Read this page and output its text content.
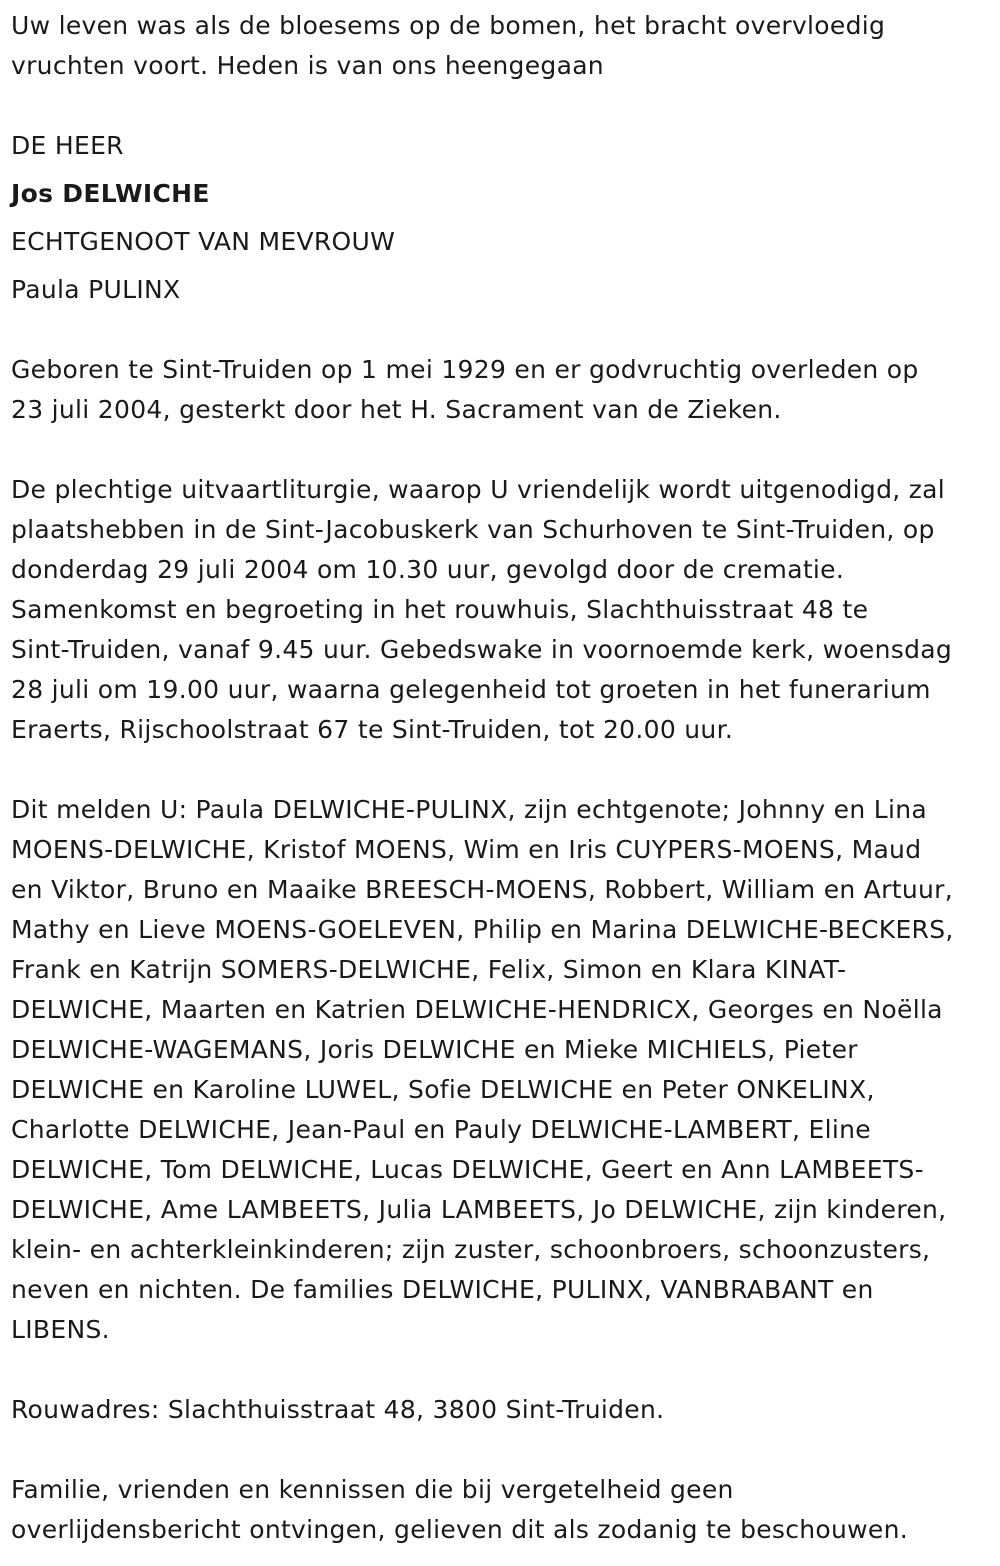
Uw leven was als de bloesems op de bomen, het bracht overvloedig
vruchten voort. Heden is van ons heengegaan
DE HEER
Jos DELWICHE
ECHTGENOOT VAN MEVROUW
Paula PULINX
Geboren te Sint-Truiden op 1 mei 1929 en er godvruchtig overleden op
23 juli 2004, gesterkt door het H. Sacrament van de Zieken.
De plechtige uitvaartliturgie, waarop U vriendelijk wordt uitgenodigd, zal
plaatshebben in de Sint-Jacobuskerk van Schurhoven te Sint-Truiden, op
donderdag 29 juli 2004 om 10.30 uur, gevolgd door de crematie.
Samenkomst en begroeting in het rouwhuis, Slachthuisstraat 48 te
Sint-Truiden, vanaf 9.45 uur. Gebedswake in voornoemde kerk, woensdag
28 juli om 19.00 uur, waarna gelegenheid tot groeten in het funerarium
Eraerts, Rijschoolstraat 67 te Sint-Truiden, tot 20.00 uur.
Dit melden U: Paula DELWICHE-PULINX, zijn echtgenote; Johnny en Lina
MOENS-DELWICHE, Kristof MOENS, Wim en Iris CUYPERS-MOENS, Maud
en Viktor, Bruno en Maaike BREESCH-MOENS, Robbert, William en Artuur,
Mathy en Lieve MOENS-GOELEVEN, Philip en Marina DELWICHE-BECKERS,
Frank en Katrijn SOMERS-DELWICHE, Felix, Simon en Klara KINAT-
DELWICHE, Maarten en Katrien DELWICHE-HENDRICX, Georges en Noëlla
DELWICHE-WAGEMANS, Joris DELWICHE en Mieke MICHIELS, Pieter
DELWICHE en Karoline LUWEL, Sofie DELWICHE en Peter ONKELINX,
Charlotte DELWICHE, Jean-Paul en Pauly DELWICHE-LAMBERT, Eline
DELWICHE, Tom DELWICHE, Lucas DELWICHE, Geert en Ann LAMBEETS-
DELWICHE, Ame LAMBEETS, Julia LAMBEETS, Jo DELWICHE, zijn kinderen,
klein- en achterkleinkinderen; zijn zuster, schoonbroers, schoonzusters,
neven en nichten. De families DELWICHE, PULINX, VANBRABANT en
LIBENS.
Rouwadres: Slachthuisstraat 48, 3800 Sint-Truiden.
Familie, vrienden en kennissen die bij vergetelheid geen
overlijdensbericht ontvingen, gelieven dit als zodanig te beschouwen.
